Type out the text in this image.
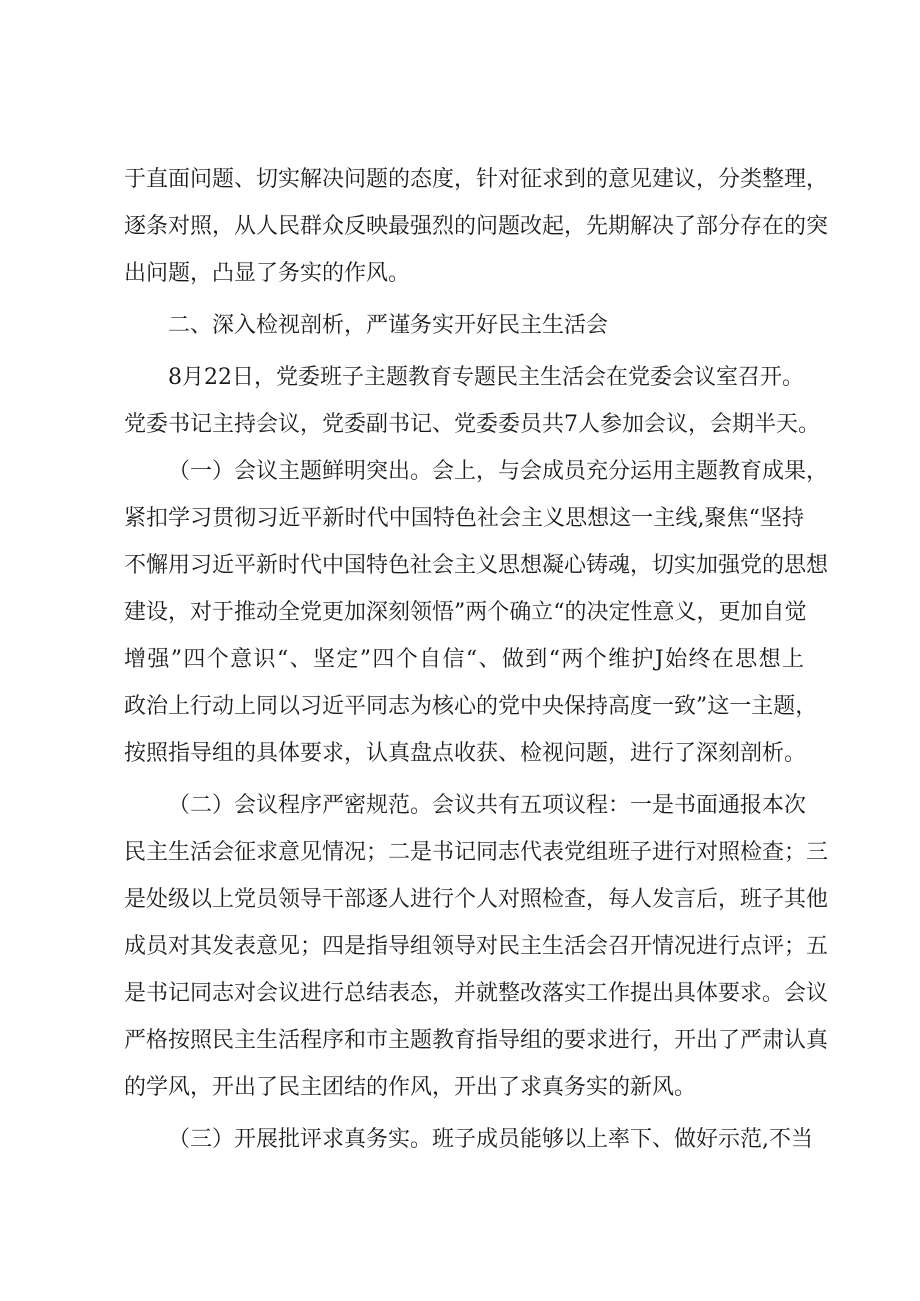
于直面问题、切实解决问题的态度，针对征求到的意见建议，分类整理，
逐条对照，从人民群众反映最强烈的问题改起，先期解决了部分存在的突
出问题，凸显了务实的作风。
二、深入检视剖析，严谨务实开好民主生活会
8月22日，党委班子主题教育专题民主生活会在党委会议室召开。
党委书记主持会议，党委副书记、党委委员共7人参加会议，会期半天。
（一）会议主题鲜明突出。会上，与会成员充分运用主题教育成果，
紧扣学习贯彻习近平新时代中国特色社会主义思想这一主线,聚焦“坚持
不懈用习近平新时代中国特色社会主义思想凝心铸魂，切实加强党的思想
建设，对于推动全党更加深刻领悟”两个确立“的决定性意义，更加自觉
增强”四个意识“、坚定”四个自信“、做到“两个维护J始终在思想上
政治上行动上同以习近平同志为核心的党中央保持高度一致”这一主题，
按照指导组的具体要求，认真盘点收获、检视问题，进行了深刻剖析。
（二）会议程序严密规范。会议共有五项议程：一是书面通报本次
民主生活会征求意见情况；二是书记同志代表党组班子进行对照检查；三
是处级以上党员领导干部逐人进行个人对照检查，每人发言后，班子其他
成员对其发表意见；四是指导组领导对民主生活会召开情况进行点评；五
是书记同志对会议进行总结表态，并就整改落实工作提出具体要求。会议
严格按照民主生活程序和市主题教育指导组的要求进行，开出了严肃认真
的学风，开出了民主团结的作风，开出了求真务实的新风。
（三）开展批评求真务实。班子成员能够以上率下、做好示范,不当
